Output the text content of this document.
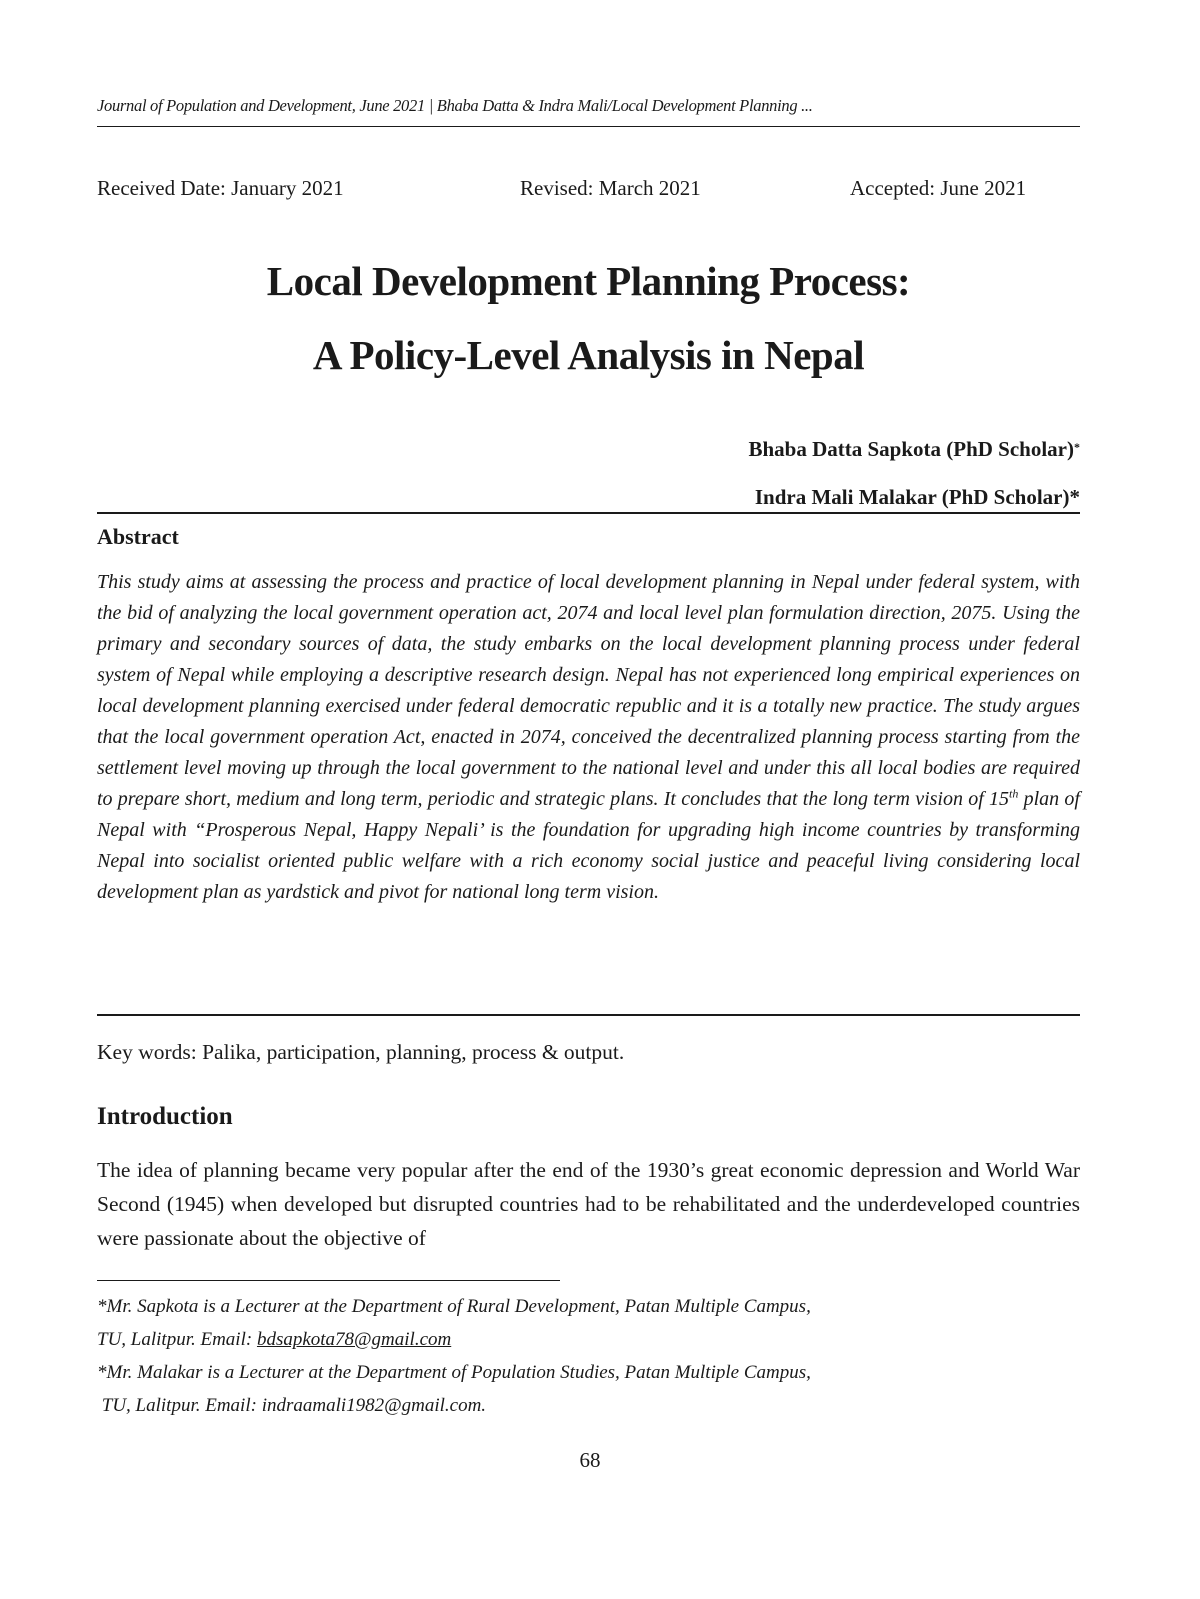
Journal of Population and Development, June 2021 | Bhaba Datta & Indra Mali/Local Development Planning ...
Received Date: January 2021	Revised: March 2021	Accepted: June 2021
Local Development Planning Process:
A Policy-Level Analysis in Nepal
Bhaba Datta Sapkota (PhD Scholar)*
Indra Mali Malakar (PhD Scholar)*
Abstract
This study aims at assessing the process and practice of local development planning in Nepal under federal system, with the bid of analyzing the local government operation act, 2074 and local level plan formulation direction, 2075. Using the primary and secondary sources of data, the study embarks on the local development planning process under federal system of Nepal while employing a descriptive research design. Nepal has not experienced long empirical experiences on local development planning exercised under federal democratic republic and it is a totally new practice. The study argues that the local government operation Act, enacted in 2074, conceived the decentralized planning process starting from the settlement level moving up through the local government to the national level and under this all local bodies are required to prepare short, medium and long term, periodic and strategic plans. It concludes that the long term vision of 15th plan of Nepal with “Prosperous Nepal, Happy Nepali’ is the foundation for upgrading high income countries by transforming Nepal into socialist oriented public welfare with a rich economy social justice and peaceful living considering local development plan as yardstick and pivot for national long term vision.
Key words: Palika, participation, planning, process & output.
Introduction
The idea of planning became very popular after the end of the 1930’s great economic depression and World War Second (1945) when developed but disrupted countries had to be rehabilitated and the underdeveloped countries were passionate about the objective of
*Mr. Sapkota is a Lecturer at the Department of Rural Development, Patan Multiple Campus,
TU, Lalitpur. Email: bdsapkota78@gmail.com
*Mr. Malakar is a Lecturer at the Department of Population Studies, Patan Multiple Campus,
TU, Lalitpur. Email: indraamali1982@gmail.com.
68
